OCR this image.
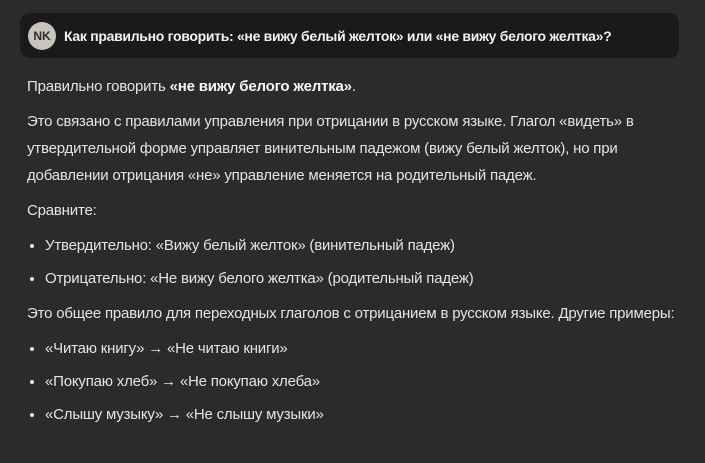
NK Как правильно говорить: «не вижу белый желток» или «не вижу белого желтка»?

Правильно говорить «не вижу белого желтка».

Это связано с правилами управления при отрицании в русском языке. Глагол «видеть» в утвердительной форме управляет винительным падежом (вижу белый желток), но при добавлении отрицания «не» управление меняется на родительный падеж.

Сравните:

• Утвердительно: «Вижу белый желток» (винительный падеж)
• Отрицательно: «Не вижу белого желтка» (родительный падеж)

Это общее правило для переходных глаголов с отрицанием в русском языке. Другие примеры:

• «Читаю книгу» → «Не читаю книги»
• «Покупаю хлеб» → «Не покупаю хлеба»
• «Слышу музыку» → «Не слышу музыки»
